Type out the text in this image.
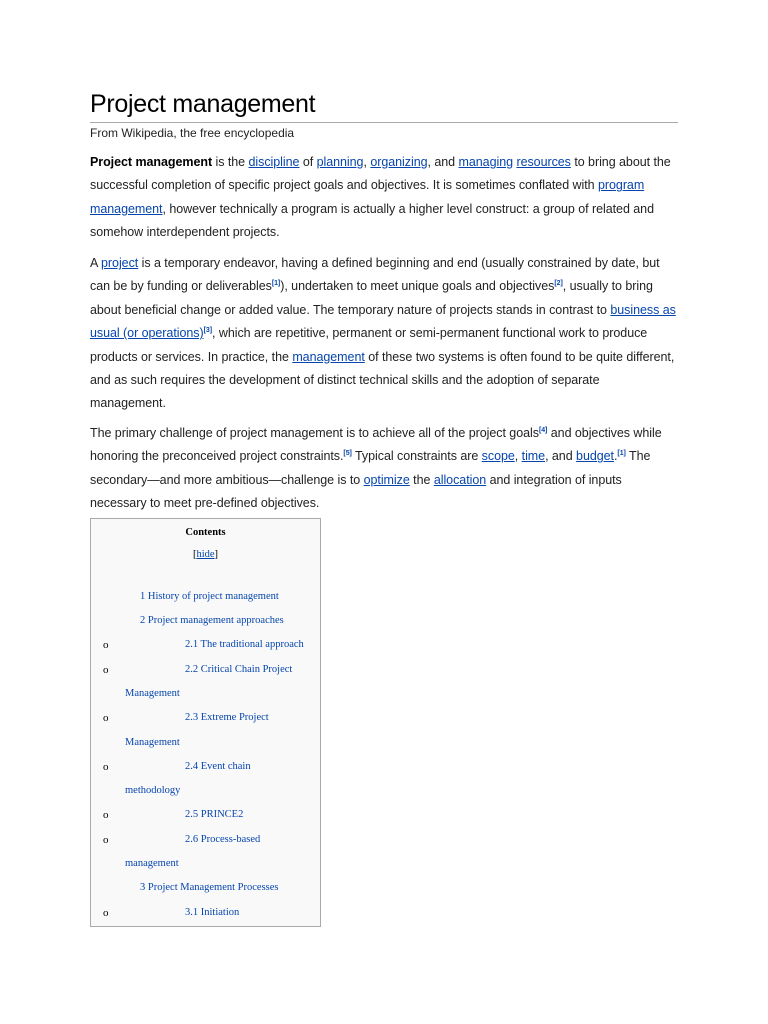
Project management
From Wikipedia, the free encyclopedia
Project management is the discipline of planning, organizing, and managing resources to bring about the successful completion of specific project goals and objectives. It is sometimes conflated with program management, however technically a program is actually a higher level construct: a group of related and somehow interdependent projects.
A project is a temporary endeavor, having a defined beginning and end (usually constrained by date, but can be by funding or deliverables[1]), undertaken to meet unique goals and objectives[2], usually to bring about beneficial change or added value. The temporary nature of projects stands in contrast to business as usual (or operations)[3], which are repetitive, permanent or semi-permanent functional work to produce products or services. In practice, the management of these two systems is often found to be quite different, and as such requires the development of distinct technical skills and the adoption of separate management.
The primary challenge of project management is to achieve all of the project goals[4] and objectives while honoring the preconceived project constraints.[5] Typical constraints are scope, time, and budget.[1] The secondary—and more ambitious—challenge is to optimize the allocation and integration of inputs necessary to meet pre-defined objectives.
Contents
[hide]
1 History of project management
2 Project management approaches
o	2.1 The traditional approach
o	2.2 Critical Chain Project
Management
o	2.3 Extreme Project
Management
o	2.4 Event chain
methodology
o	2.5 PRINCE2
o	2.6 Process-based
management
3 Project Management Processes
o	3.1 Initiation
